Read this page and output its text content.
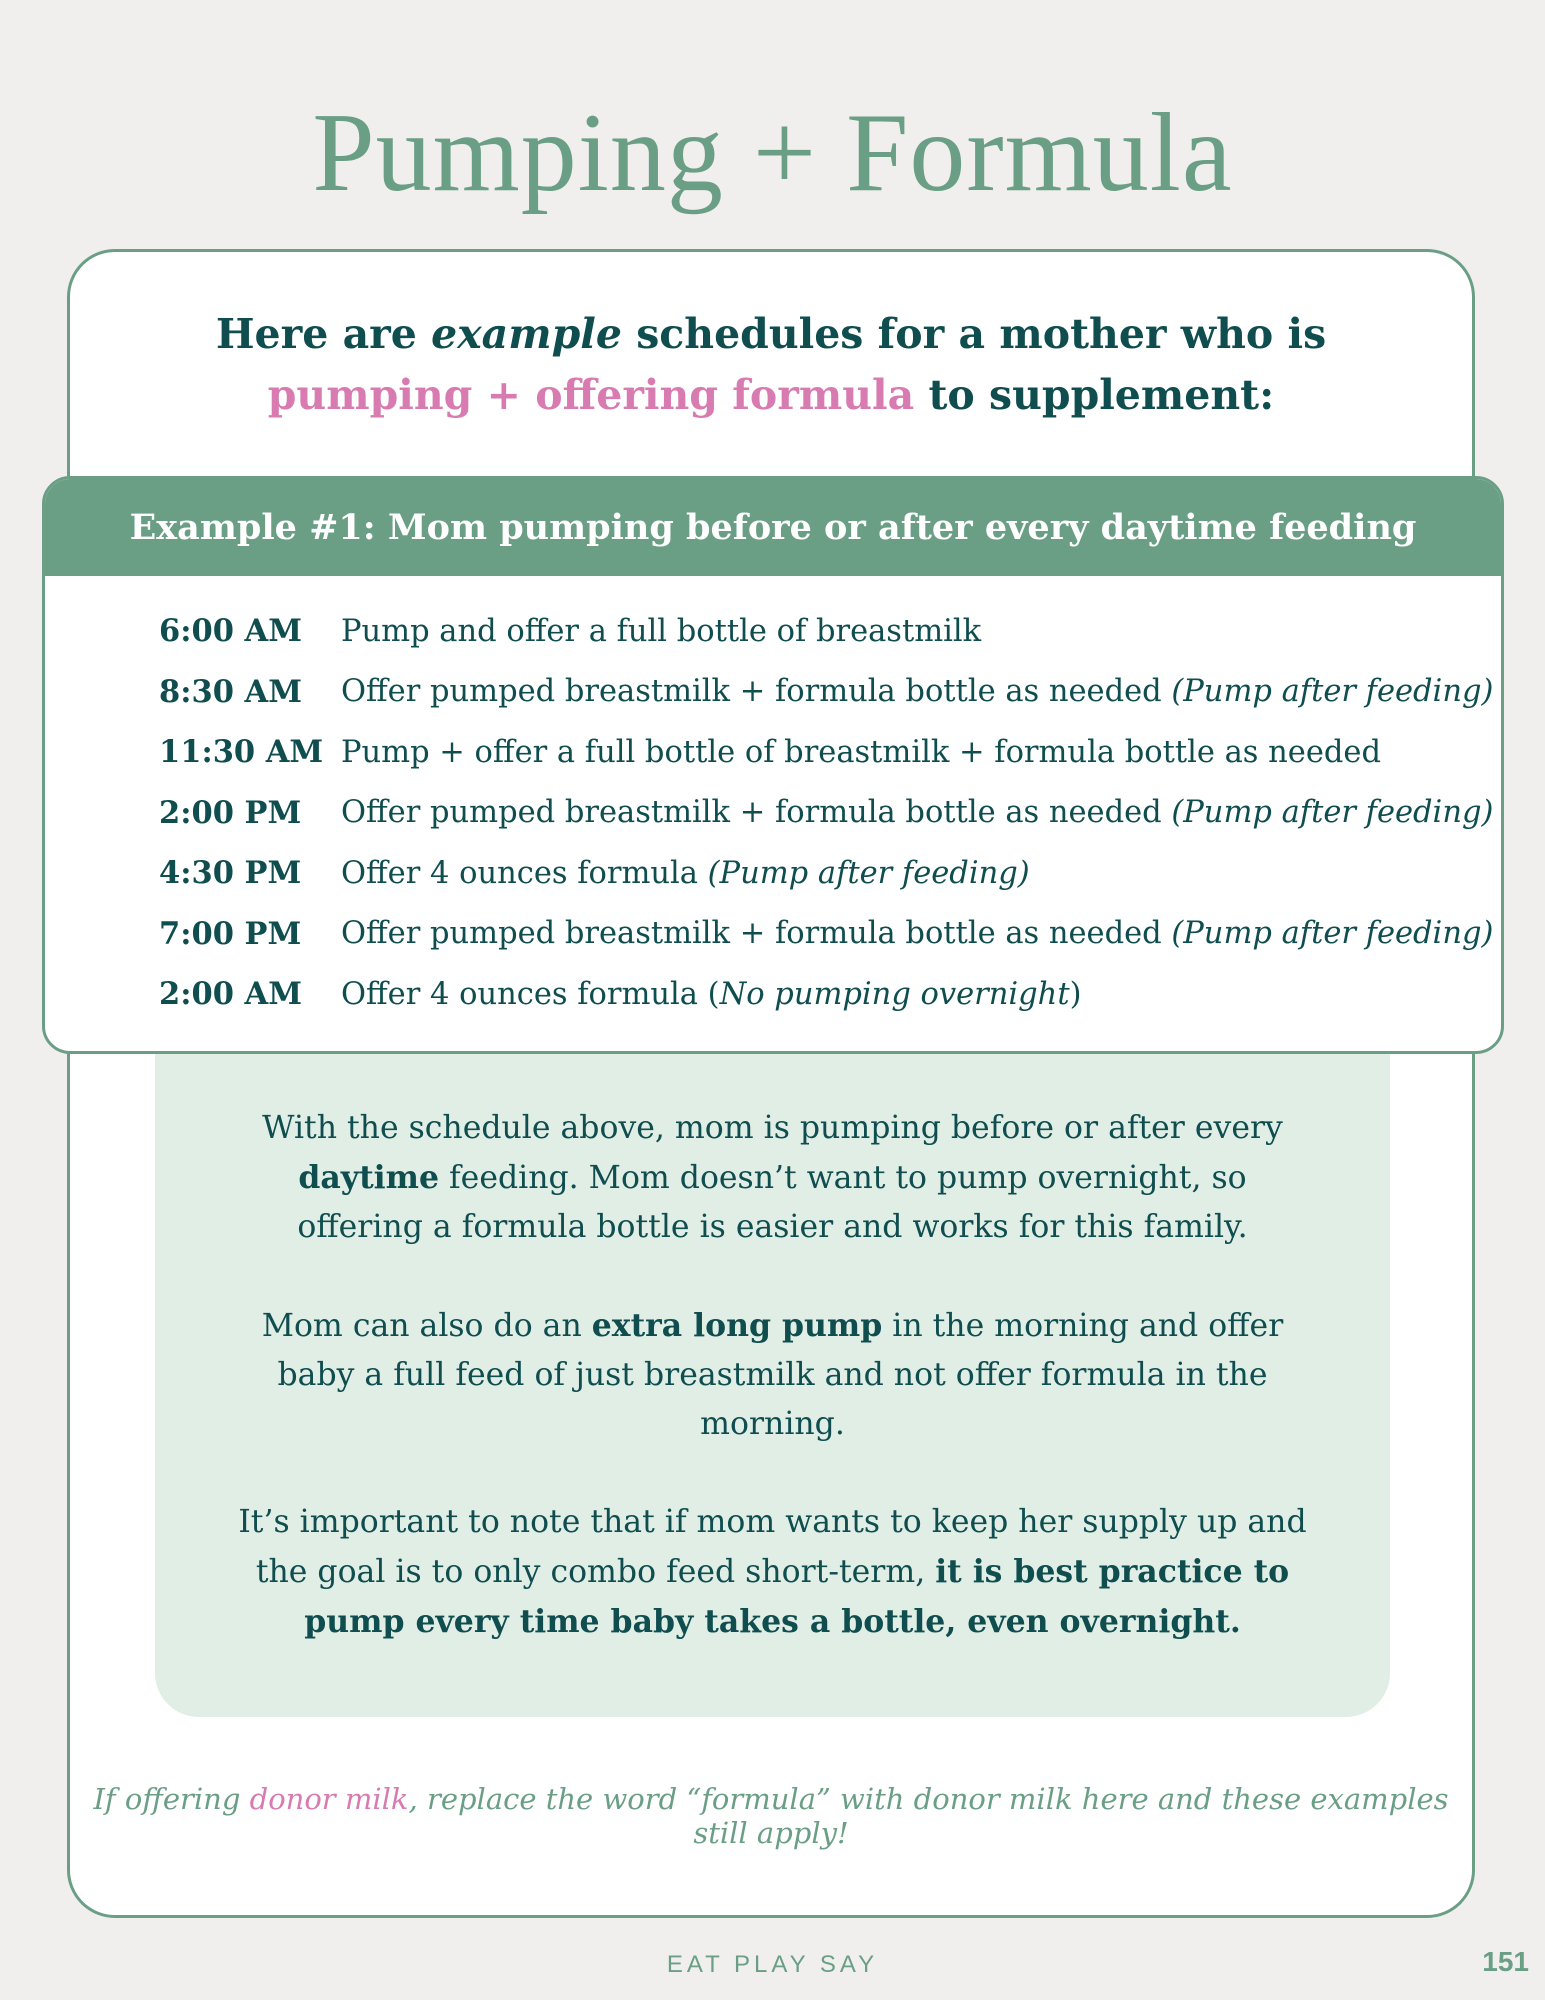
Pumping + Formula
Here are example schedules for a mother who is
pumping + offering formula to supplement:

With the schedule above, mom is pumping before or after every
daytime feeding. Mom doesn’t want to pump overnight, so
offering a formula bottle is easier and works for this family.

Mom can also do an extra long pump in the morning and offer
baby a full feed of just breastmilk and not offer formula in the
morning.

It’s important to note that if mom wants to keep her supply up and
the goal is to only combo feed short-term, it is best practice to
pump every time baby takes a bottle, even overnight.

Example #1: Mom pumping before or after every daytime feeding
6:00 AM	Pump and offer a full bottle of breastmilk
8:30 AM	Offer pumped breastmilk + formula bottle as needed (Pump after feeding)
11:30 AM Pump + offer a full bottle of breastmilk + formula bottle as needed
2:00 PM	Offer pumped breastmilk + formula bottle as needed (Pump after feeding)
4:30 PM	Offer 4 ounces formula (Pump after feeding)
7:00 PM	Offer pumped breastmilk + formula bottle as needed (Pump after feeding)
2:00 AM	Offer 4 ounces formula (No pumping overnight)
If offering donor milk, replace the word “formula” with donor milk here and these examples
still apply!
EAT PLAY SAY	151
